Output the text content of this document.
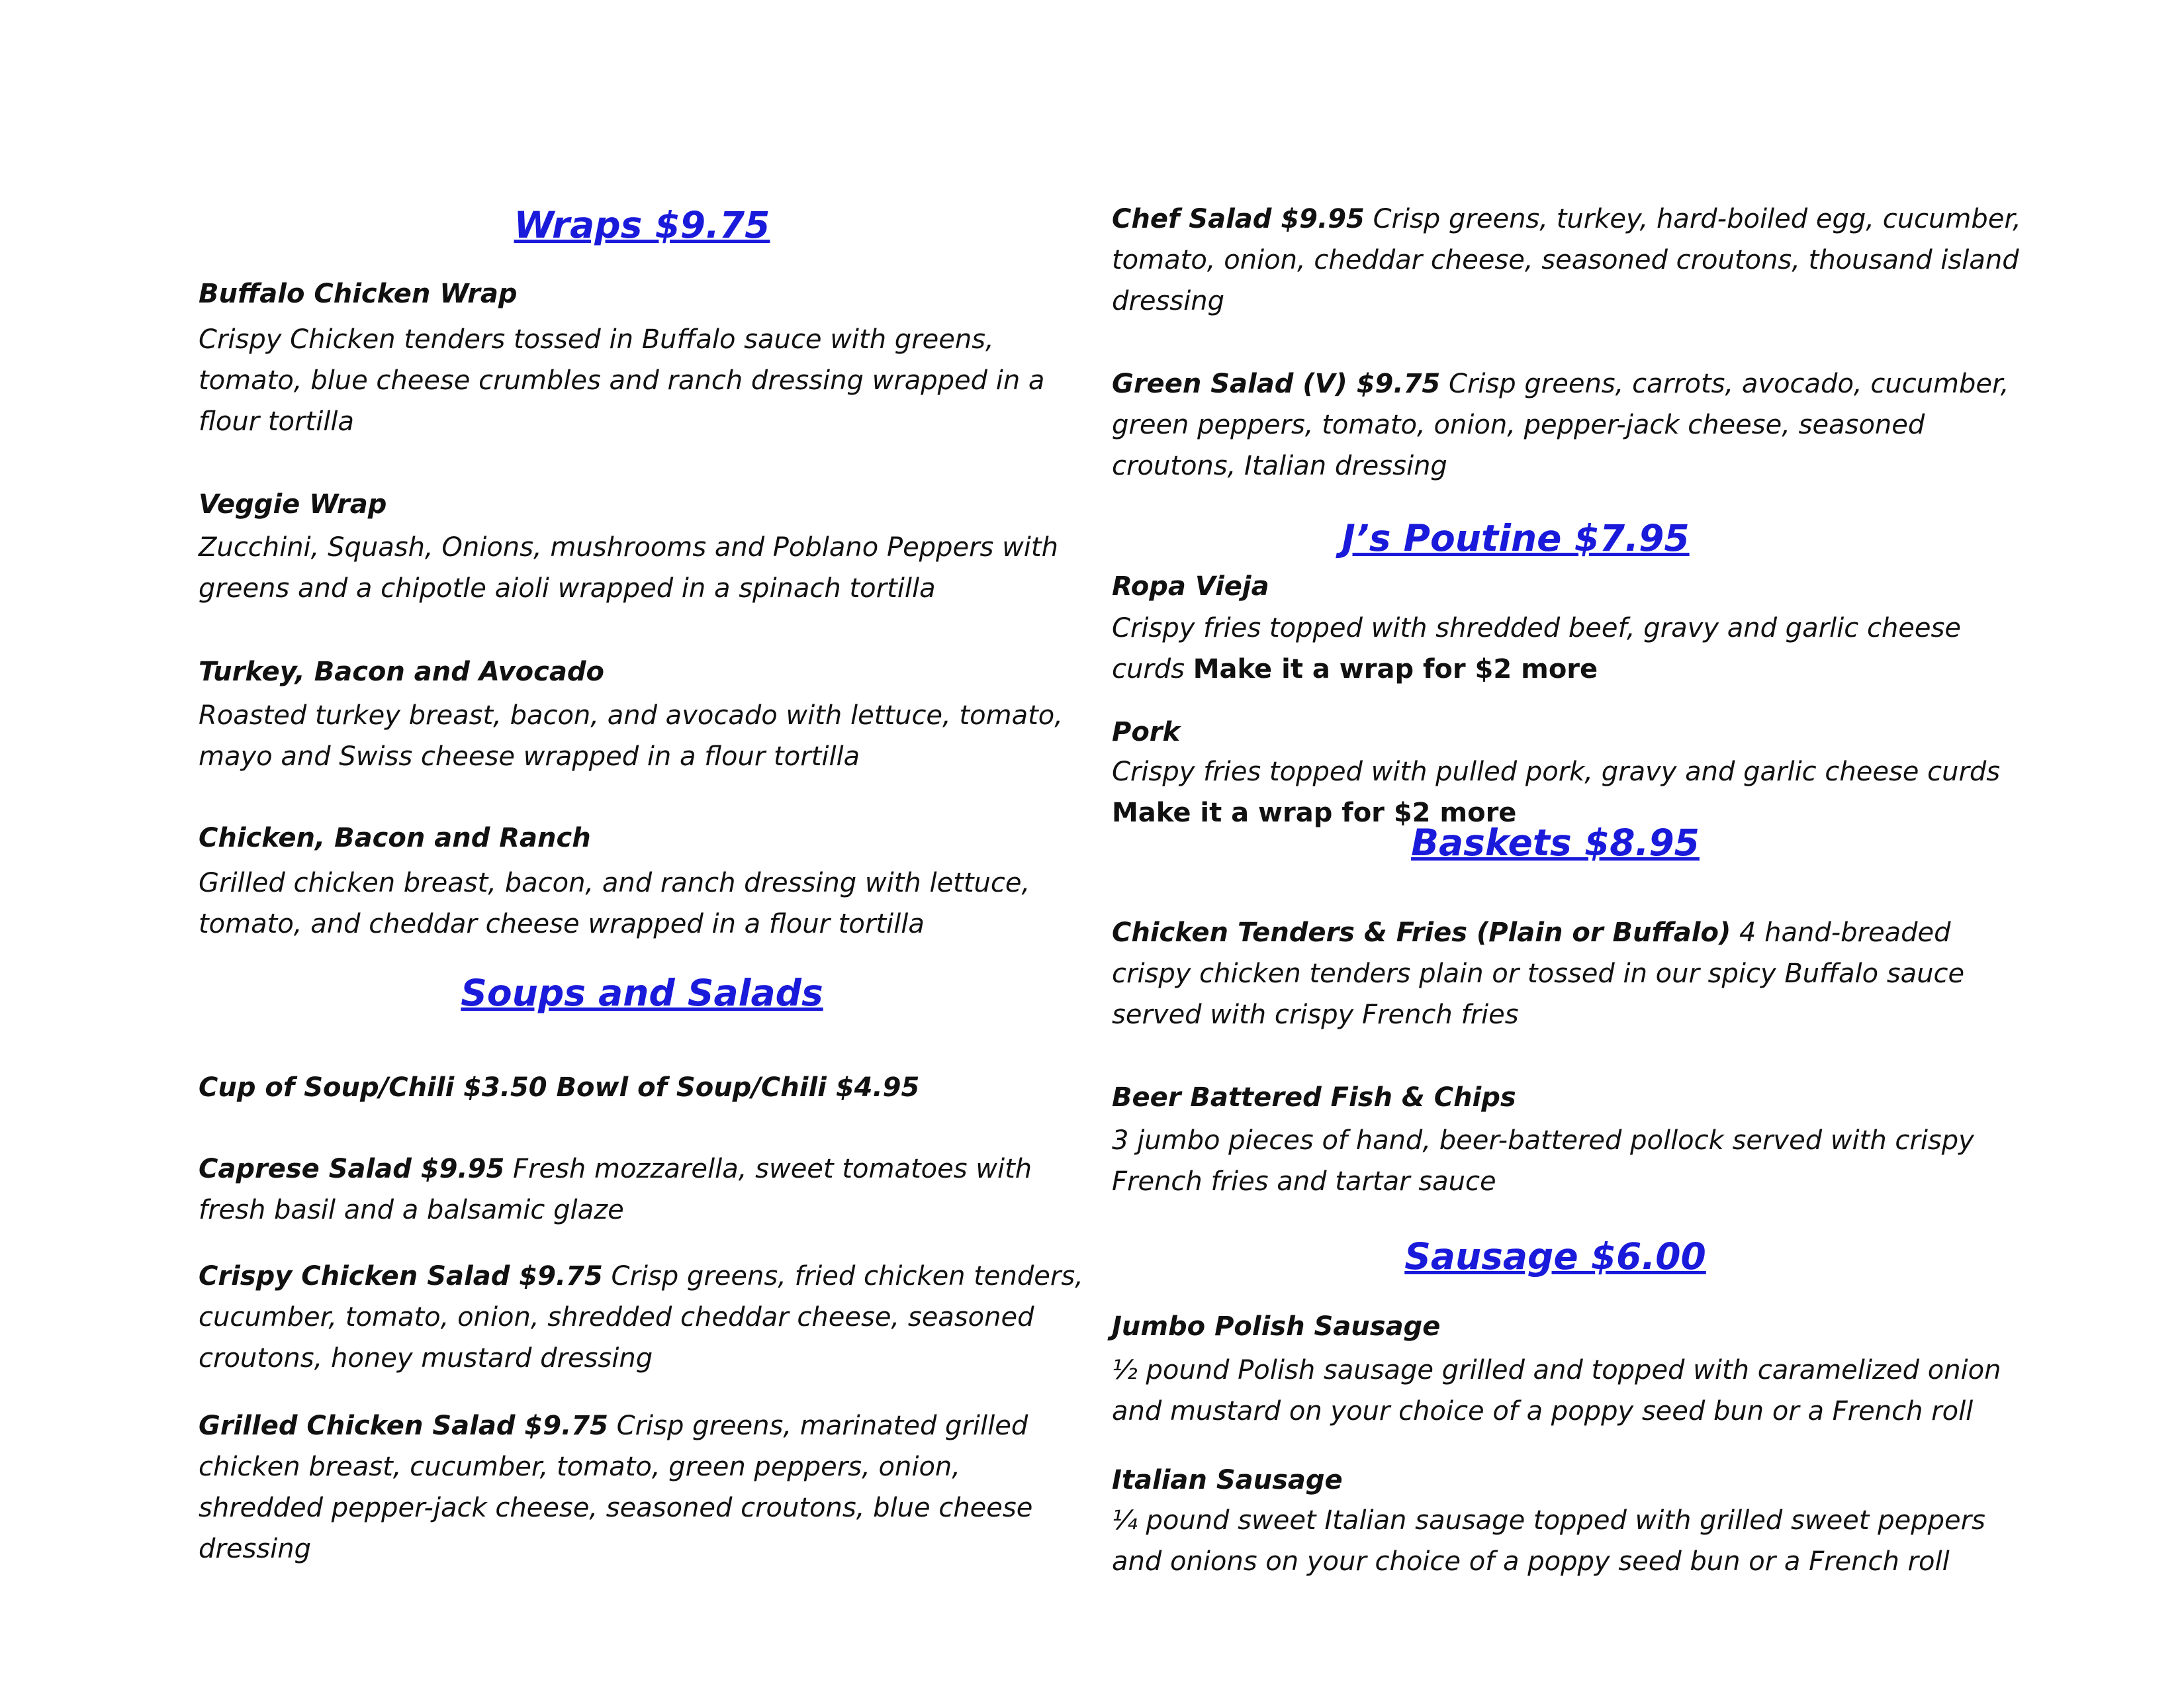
Wraps $9.75
Buffalo Chicken Wrap
Crispy Chicken tenders tossed in Buffalo sauce with greens, tomato, blue cheese crumbles and ranch dressing wrapped in a flour tortilla
Veggie Wrap
Zucchini, Squash, Onions, mushrooms and Poblano Peppers with greens and a chipotle aioli wrapped in a spinach tortilla
Turkey, Bacon and Avocado
Roasted turkey breast, bacon, and avocado with lettuce, tomato, mayo and Swiss cheese wrapped in a flour tortilla
Chicken, Bacon and Ranch
Grilled chicken breast, bacon, and ranch dressing with lettuce, tomato, and cheddar cheese wrapped in a flour tortilla
Soups and Salads
Cup of Soup/Chili $3.50 Bowl of Soup/Chili $4.95
Caprese Salad $9.95 Fresh mozzarella, sweet tomatoes with fresh basil and a balsamic glaze
Crispy Chicken Salad $9.75 Crisp greens, fried chicken tenders, cucumber, tomato, onion, shredded cheddar cheese, seasoned croutons, honey mustard dressing
Grilled Chicken Salad $9.75 Crisp greens, marinated grilled chicken breast, cucumber, tomato, green peppers, onion, shredded pepper-jack cheese, seasoned croutons, blue cheese dressing
Chef Salad $9.95 Crisp greens, turkey, hard-boiled egg, cucumber, tomato, onion, cheddar cheese, seasoned croutons, thousand island dressing
Green Salad (V) $9.75 Crisp greens, carrots, avocado, cucumber, green peppers, tomato, onion, pepper-jack cheese, seasoned croutons, Italian dressing
J’s Poutine $7.95
Ropa Vieja
Crispy fries topped with shredded beef, gravy and garlic cheese curds Make it a wrap for $2 more
Pork
Crispy fries topped with pulled pork, gravy and garlic cheese curds Make it a wrap for $2 more
Baskets $8.95
Chicken Tenders & Fries (Plain or Buffalo) 4 hand-breaded crispy chicken tenders plain or tossed in our spicy Buffalo sauce served with crispy French fries
Beer Battered Fish & Chips
3 jumbo pieces of hand, beer-battered pollock served with crispy French fries and tartar sauce
Sausage $6.00
Jumbo Polish Sausage
½ pound Polish sausage grilled and topped with caramelized onion and mustard on your choice of a poppy seed bun or a French roll
Italian Sausage
¼ pound sweet Italian sausage topped with grilled sweet peppers and onions on your choice of a poppy seed bun or a French roll
